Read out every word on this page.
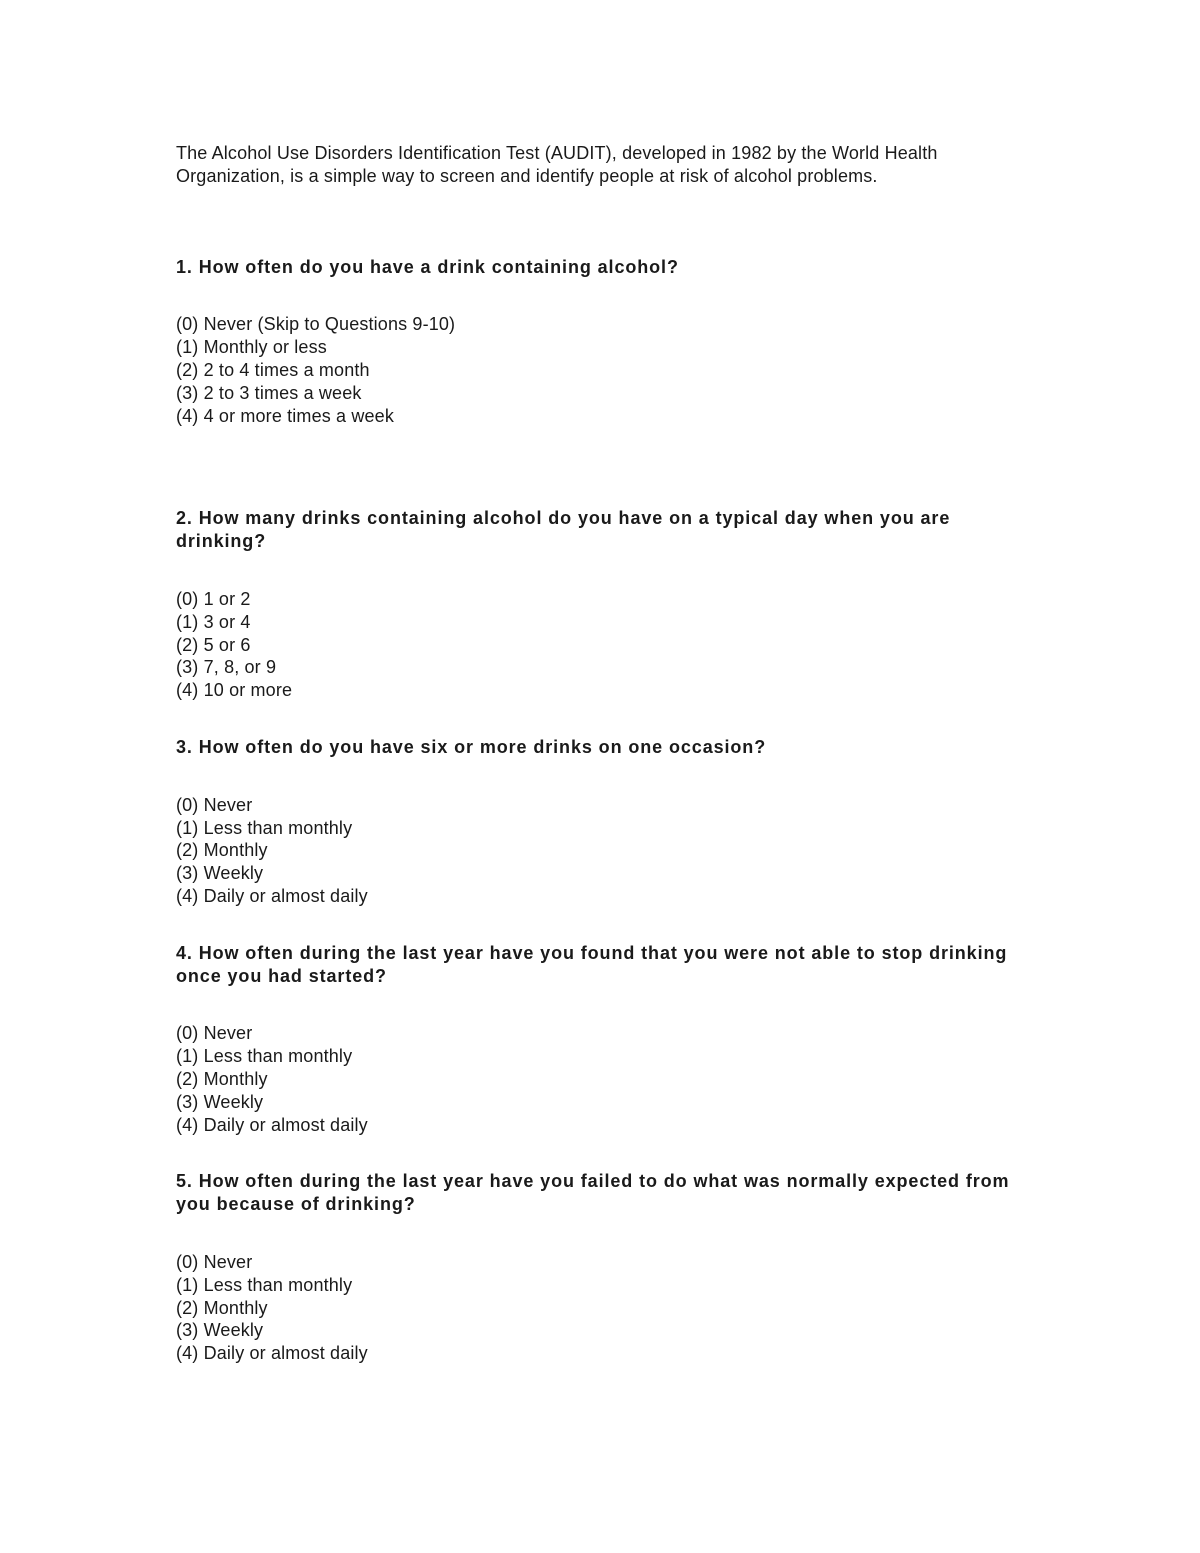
The Alcohol Use Disorders Identification Test (AUDIT), developed in 1982 by the World Health Organization, is a simple way to screen and identify people at risk of alcohol problems.

1. How often do you have a drink containing alcohol?

(0) Never (Skip to Questions 9-10)
(1) Monthly or less
(2) 2 to 4 times a month
(3) 2 to 3 times a week
(4) 4 or more times a week

2. How many drinks containing alcohol do you have on a typical day when you are drinking?

(0) 1 or 2
(1) 3 or 4
(2) 5 or 6
(3) 7, 8, or 9
(4) 10 or more

3. How often do you have six or more drinks on one occasion?

(0) Never
(1) Less than monthly
(2) Monthly
(3) Weekly
(4) Daily or almost daily

4. How often during the last year have you found that you were not able to stop drinking once you had started?

(0) Never
(1) Less than monthly
(2) Monthly
(3) Weekly
(4) Daily or almost daily

5. How often during the last year have you failed to do what was normally expected from you because of drinking?

(0) Never
(1) Less than monthly
(2) Monthly
(3) Weekly
(4) Daily or almost daily
